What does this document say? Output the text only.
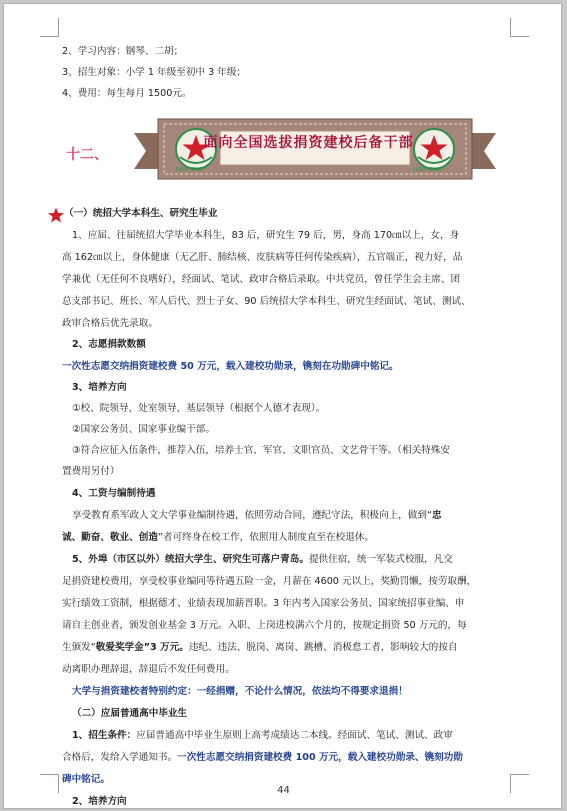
2、学习内容：钢琴、二胡；
3、招生对象：小学 1 年级至初中 3 年级；
4、费用：每生每月 1500元。
十二、
面向全国选拔捐资建校后备干部
JUNZHENG	JUNZHENG
（一）统招大学本科生、研究生毕业
1、应届、往届统招大学毕业本科生，83 后，研究生 79 后，男，身高 170㎝以上，女，身
高 162㎝以上，身体健康（无乙肝、肺结核、皮肤病等任何传染疾病），五官端正，视力好，品
学兼优（无任何不良嗜好），经面试、笔试、政审合格后录取。中共党员，曾任学生会主席、团
总支部书记、班长、军人后代、烈士子女、90 后统招大学本科生、研究生经面试、笔试、测试、
政审合格后优先录取。
2、志愿捐款数额
一次性志愿交纳捐资建校费 50 万元，载入建校功勋录，镌刻在功勋碑中铭记。
3、培养方向
①校、院领导，处室领导，基层领导（根据个人德才表现）。
②国家公务员、国家事业编干部。
③符合应征入伍条件，推荐入伍，培养士官、军官、文职官员、文艺骨干等。（相关特殊安
置费用另付）
4、工资与编制待遇
享受教育系军政人文大学事业编制待遇，依照劳动合同，遵纪守法，积极向上，做到“忠
诚、勤奋、敬业、创造”者可终身在校工作，依照用人制度直至在校退休。
5、外埠（市区以外）统招大学生、研究生可落户青岛。提供住宿，统一军装式校服，凡交
足捐资建校费用，享受校事业编同等待遇五险一金，月薪在 4600 元以上，奖勤罚懒，按劳取酬，
实行绩效工资制，根据德才、业绩表现加薪晋职。3 年内考入国家公务员、国家统招事业编、申
请自主创业者，颁发创业基金 3 万元。入职、上岗进校满六个月的，按规定捐资 50 万元的，每
生颁发“敬爱奖学金”3 万元。违纪、违法、脱岗、离岗、跳槽、消极怠工者，影响较大的按自
动离职办理辞退，辞退后不发任何费用。
大学与捐资建校者特别约定：一经捐赠，不论什么情况，依法均不得要求退捐！
（二）应届普通高中毕业生
1、招生条件：应届普通高中毕业生原则上高考成绩达二本线。经面试、笔试、测试、政审
合格后，发给入学通知书。一次性志愿交纳捐资建校费 100 万元，载入建校功勋录、镌刻功勋
碑中铭记。
2、培养方向
44
